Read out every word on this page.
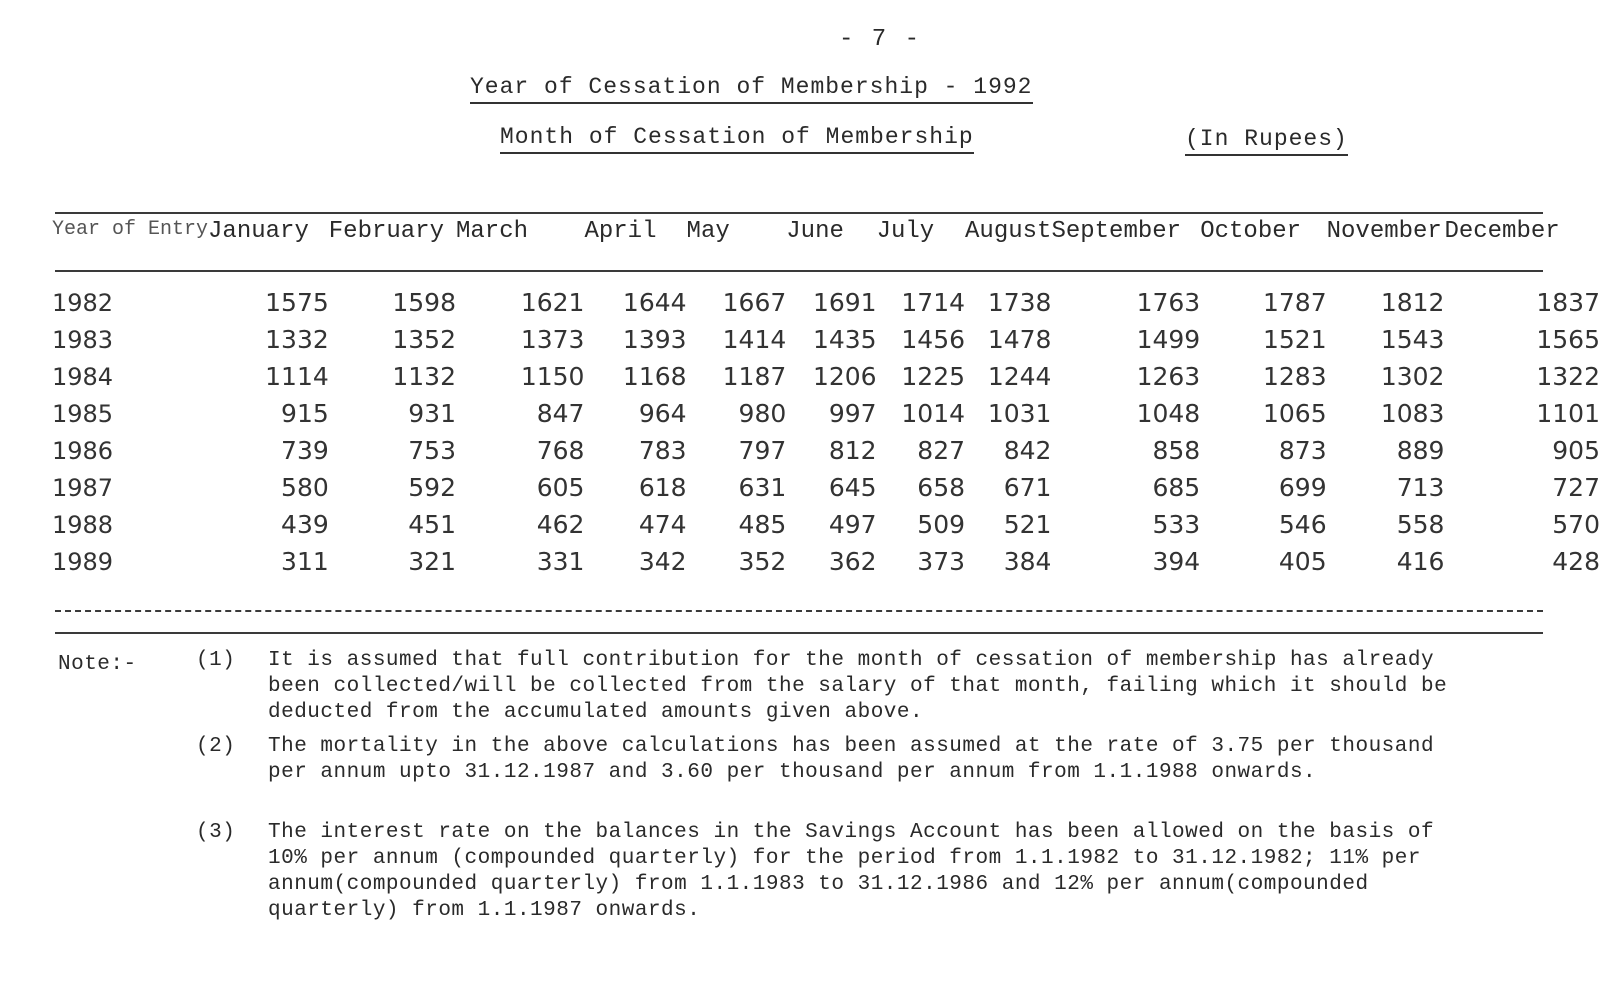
- 7 -
Year of Cessation of Membership - 1992
Month of Cessation of Membership	(In Rupees)
Year of Entry	January	February	March	April	May	June	July	August	September	October	November	December
1982	1575	1598	1621	1644	1667	1691	1714	1738	1763	1787	1812	1837
1983	1332	1352	1373	1393	1414	1435	1456	1478	1499	1521	1543	1565
1984	1114	1132	1150	1168	1187	1206	1225	1244	1263	1283	1302	1322
1985	915	931	847	964	980	997	1014	1031	1048	1065	1083	1101
1986	739	753	768	783	797	812	827	842	858	873	889	905
1987	580	592	605	618	631	645	658	671	685	699	713	727
1988	439	451	462	474	485	497	509	521	533	546	558	570
1989	311	321	331	342	352	362	373	384	394	405	416	428
Note:-	(1) It is assumed that full contribution for the month of cessation of membership has already been collected/will be collected from the salary of that month, failing which it should be deducted from the accumulated amounts given above.
(2) The mortality in the above calculations has been assumed at the rate of 3.75 per thousand per annum upto 31.12.1987 and 3.60 per thousand per annum from 1.1.1988 onwards.
(3) The interest rate on the balances in the Savings Account has been allowed on the basis of 10% per annum (compounded quarterly) for the period from 1.1.1982 to 31.12.1982; 11% per annum(compounded quarterly) from 1.1.1983 to 31.12.1986 and 12% per annum(compounded quarterly) from 1.1.1987 onwards.
